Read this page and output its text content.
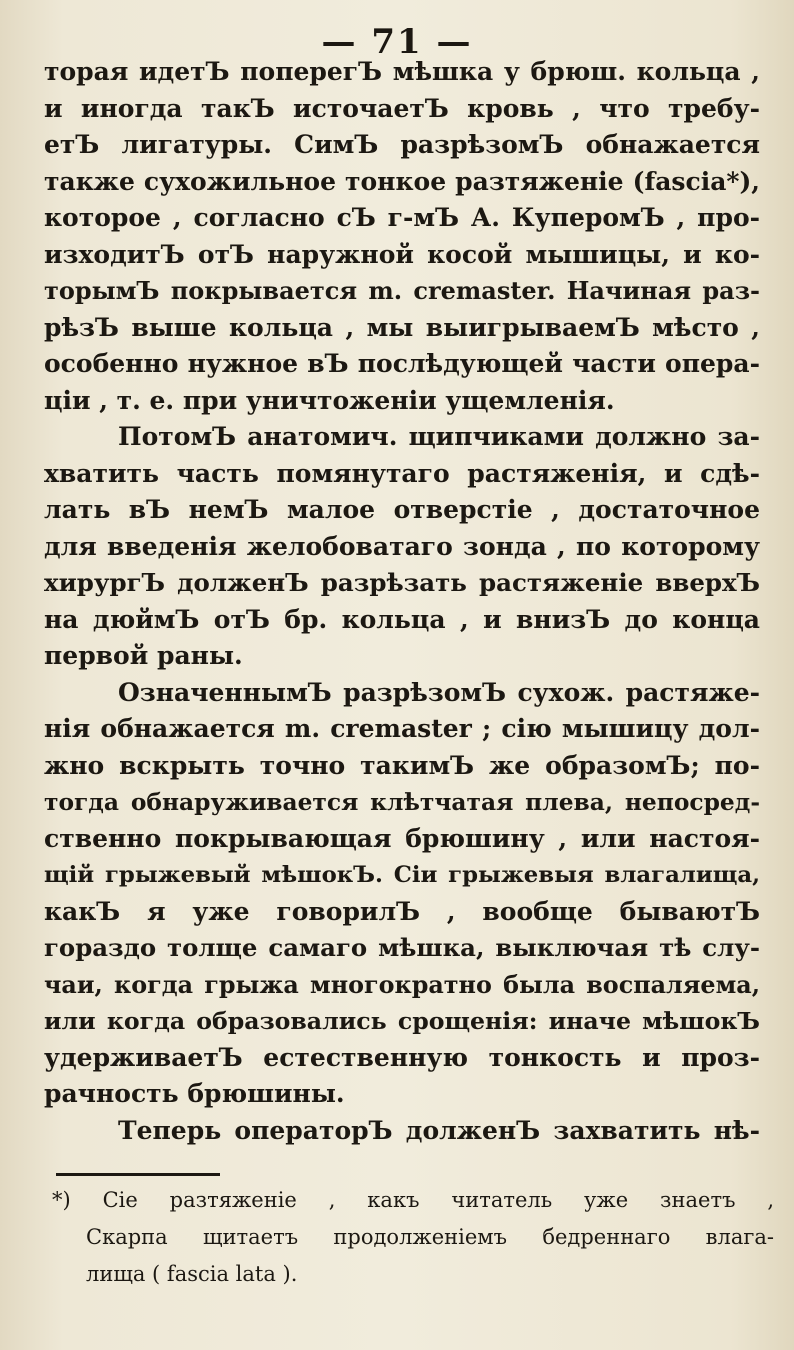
— 71 —
торая идетЪ поперегЪ мѣшка у брюш. кольца ,
и иногда такЪ источаетЪ кровь , что требу-
етЪ лигатуры. СимЪ разрѣзомЪ обнажается
также сухожильное тонкое разтяженіе (fascia*),
которое , согласно сЪ г-мЪ А. КуперомЪ , про-
изходитЪ отЪ наружной косой мышицы, и ко-
торымЪ покрывается m. cremaster. Начиная раз-
рѣзЪ выше кольца , мы выигрываемЪ мѣсто ,
особенно нужное вЪ послѣдующей части опера-
ціи , т. е. при уничтоженіи ущемленія.
ПотомЪ анатомич. щипчиками должно за-
хватить часть помянутаго растяженія, и сдѣ-
лать вЪ немЪ малое отверстіе , достаточное
для введенія желобоватаго зонда , по которому
хирургЪ долженЪ разрѣзать растяженіе вверхЪ
на дюймЪ отЪ бр. кольца , и внизЪ до конца
первой раны.
ОзначеннымЪ разрѣзомЪ сухож. растяже-
нія обнажается m. cremaster ; сію мышицу дол-
жно вскрыть точно такимЪ же образомЪ; по-
тогда обнаруживается клѣтчатая плева, непосред-
ственно покрывающая брюшину , или настоя-
щій грыжевый мѣшокЪ. Сіи грыжевыя влагалища,
какЪ я уже говорилЪ , вообще бываютЪ
гораздо толще самаго мѣшка, выключая тѣ слу-
чаи, когда грыжа многократно была воспаляема,
или когда образовались срощенія: иначе мѣшокЪ
удерживаетЪ естественную тонкость и проз-
рачность брюшины.
Теперь операторЪ долженЪ захватить нѣ-
*) Сіе разтяженіе , какъ читатель уже знаетъ ,
Скарпа щитаетъ продолженіемъ бедреннаго влага-
лища ( fascia lata ).
